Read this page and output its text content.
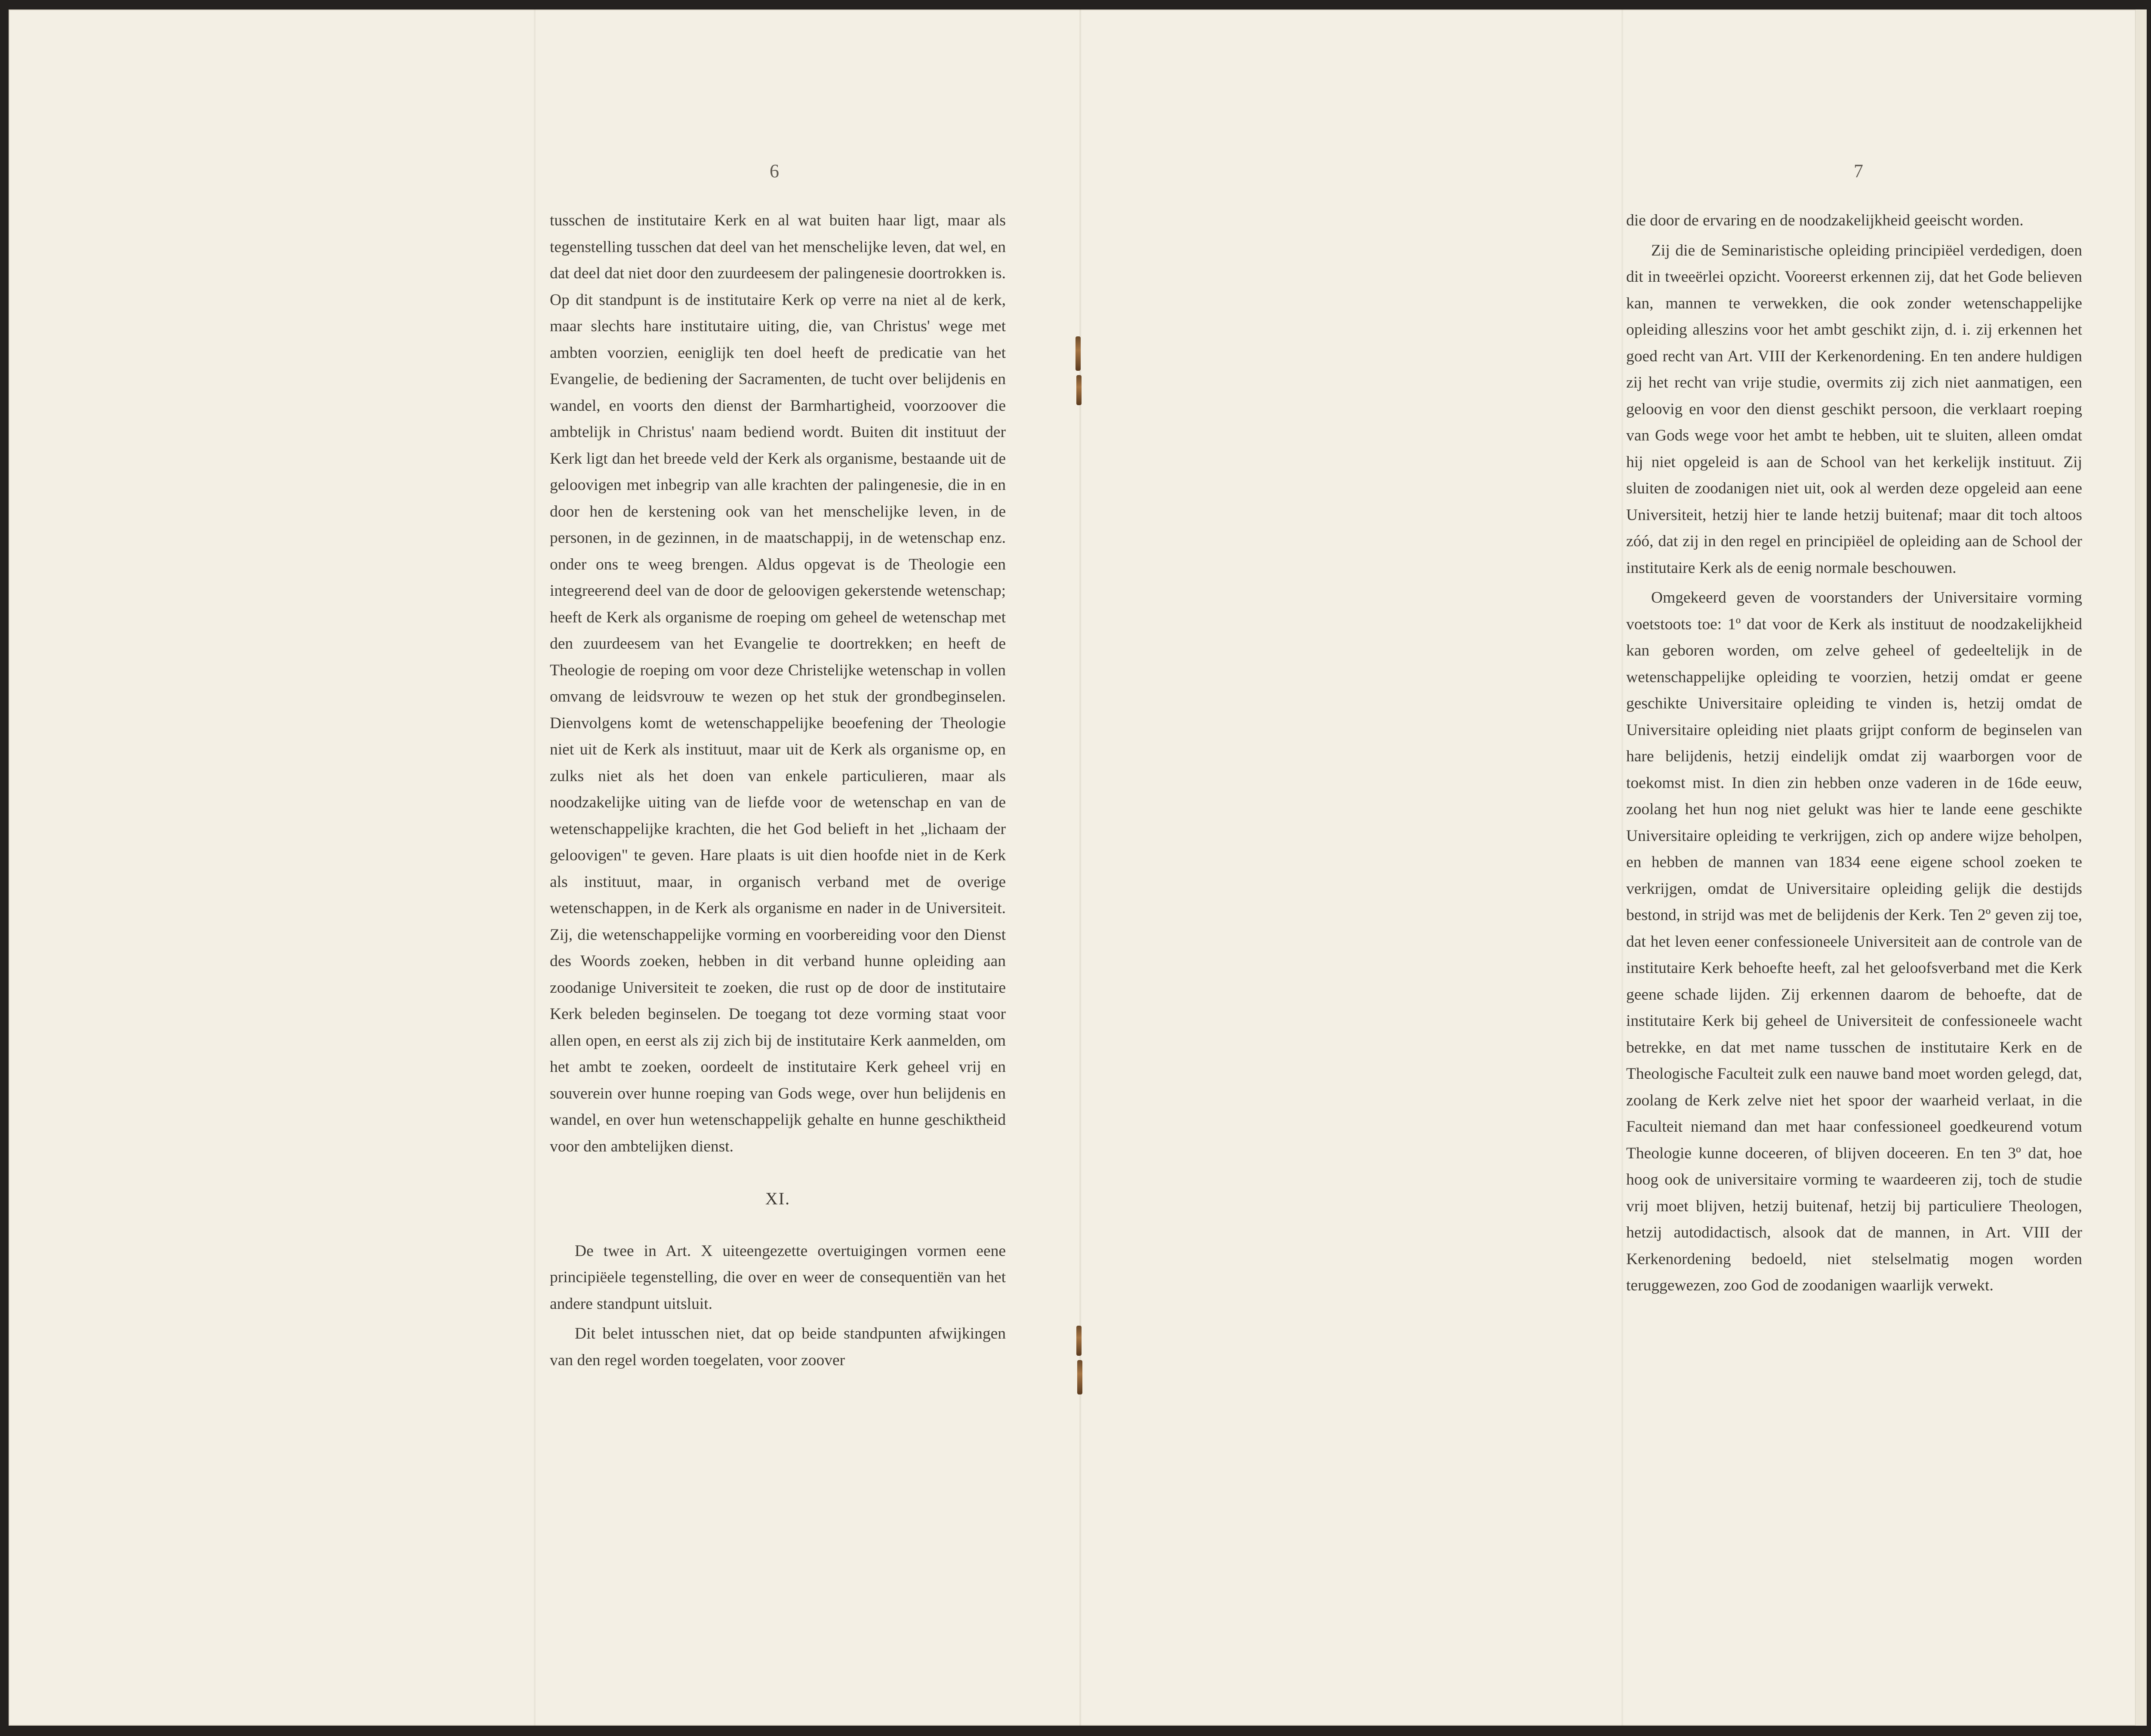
6	7

tusschen de institutaire Kerk en al wat buiten haar ligt, maar als tegenstelling tusschen dat deel van het menschelijke leven, dat wel, en dat deel dat niet door den zuurdeesem der palingenesie doortrokken is. Op dit standpunt is de institutaire Kerk op verre na niet al de kerk, maar slechts hare institutaire uiting, die, van Christus' wege met ambten voorzien, eeniglijk ten doel heeft de predicatie van het Evangelie, de bediening der Sacramenten, de tucht over belijdenis en wandel, en voorts den dienst der Barmhartigheid, voorzoover die ambtelijk in Christus' naam bediend wordt. Buiten dit instituut der Kerk ligt dan het breede veld der Kerk als organisme, bestaande uit de geloovigen met inbegrip van alle krachten der palingenesie, die in en door hen de kerstening ook van het menschelijke leven, in de personen, in de gezinnen, in de maatschappij, in de wetenschap enz. onder ons te weeg brengen. Aldus opgevat is de Theologie een integreerend deel van de door de geloovigen gekerstende wetenschap; heeft de Kerk als organisme de roeping om geheel de wetenschap met den zuurdeesem van het Evangelie te doortrekken; en heeft de Theologie de roeping om voor deze Christelijke wetenschap in vollen omvang de leidsvrouw te wezen op het stuk der grondbeginselen. Dienvolgens komt de wetenschappelijke beoefening der Theologie niet uit de Kerk als instituut, maar uit de Kerk als organisme op, en zulks niet als het doen van enkele particulieren, maar als noodzakelijke uiting van de liefde voor de wetenschap en van de wetenschappelijke krachten, die het God belieft in het „lichaam der geloovigen" te geven. Hare plaats is uit dien hoofde niet in de Kerk als instituut, maar, in organisch verband met de overige wetenschappen, in de Kerk als organisme en nader in de Universiteit. Zij, die wetenschappelijke vorming en voorbereiding voor den Dienst des Woords zoeken, hebben in dit verband hunne opleiding aan zoodanige Universiteit te zoeken, die rust op de door de institutaire Kerk beleden beginselen. De toegang tot deze vorming staat voor allen open, en eerst als zij zich bij de institutaire Kerk aanmelden, om het ambt te zoeken, oordeelt de institutaire Kerk geheel vrij en souverein over hunne roeping van Gods wege, over hun belijdenis en wandel, en over hun wetenschappelijk gehalte en hunne geschiktheid voor den ambtelijken dienst.

XI.

De twee in Art. X uiteengezette overtuigingen vormen eene principiëele tegenstelling, die over en weer de consequentiën van het andere standpunt uitsluit.

Dit belet intusschen niet, dat op beide standpunten afwijkingen van den regel worden toegelaten, voor zoover

die door de ervaring en de noodzakelijkheid geeischt worden.

Zij die de Seminaristische opleiding principiëel verdedigen, doen dit in tweeërlei opzicht. Vooreerst erkennen zij, dat het Gode believen kan, mannen te verwekken, die ook zonder wetenschappelijke opleiding alleszins voor het ambt geschikt zijn, d. i. zij erkennen het goed recht van Art. VIII der Kerkenordening. En ten andere huldigen zij het recht van vrije studie, overmits zij zich niet aanmatigen, een geloovig en voor den dienst geschikt persoon, die verklaart roeping van Gods wege voor het ambt te hebben, uit te sluiten, alleen omdat hij niet opgeleid is aan de School van het kerkelijk instituut. Zij sluiten de zoodanigen niet uit, ook al werden deze opgeleid aan eene Universiteit, hetzij hier te lande hetzij buitenaf; maar dit toch altoos zóó, dat zij in den regel en principiëel de opleiding aan de School der institutaire Kerk als de eenig normale beschouwen.

Omgekeerd geven de voorstanders der Universitaire vorming voetstoots toe: 1º dat voor de Kerk als instituut de noodzakelijkheid kan geboren worden, om zelve geheel of gedeeltelijk in de wetenschappelijke opleiding te voorzien, hetzij omdat er geene geschikte Universitaire opleiding te vinden is, hetzij omdat de Universitaire opleiding niet plaats grijpt conform de beginselen van hare belijdenis, hetzij eindelijk omdat zij waarborgen voor de toekomst mist. In dien zin hebben onze vaderen in de 16de eeuw, zoolang het hun nog niet gelukt was hier te lande eene geschikte Universitaire opleiding te verkrijgen, zich op andere wijze beholpen, en hebben de mannen van 1834 eene eigene school zoeken te verkrijgen, omdat de Universitaire opleiding gelijk die destijds bestond, in strijd was met de belijdenis der Kerk. Ten 2º geven zij toe, dat het leven eener confessioneele Universiteit aan de controle van de institutaire Kerk behoefte heeft, zal het geloofsverband met die Kerk geene schade lijden. Zij erkennen daarom de behoefte, dat de institutaire Kerk bij geheel de Universiteit de confessioneele wacht betrekke, en dat met name tusschen de institutaire Kerk en de Theologische Faculteit zulk een nauwe band moet worden gelegd, dat, zoolang de Kerk zelve niet het spoor der waarheid verlaat, in die Faculteit niemand dan met haar confessioneel goedkeurend votum Theologie kunne doceeren, of blijven doceeren. En ten 3º dat, hoe hoog ook de universitaire vorming te waardeeren zij, toch de studie vrij moet blijven, hetzij buitenaf, hetzij bij particuliere Theologen, hetzij autodidactisch, alsook dat de mannen, in Art. VIII der Kerkenordening bedoeld, niet stelselmatig mogen worden teruggewezen, zoo God de zoodanigen waarlijk verwekt.
